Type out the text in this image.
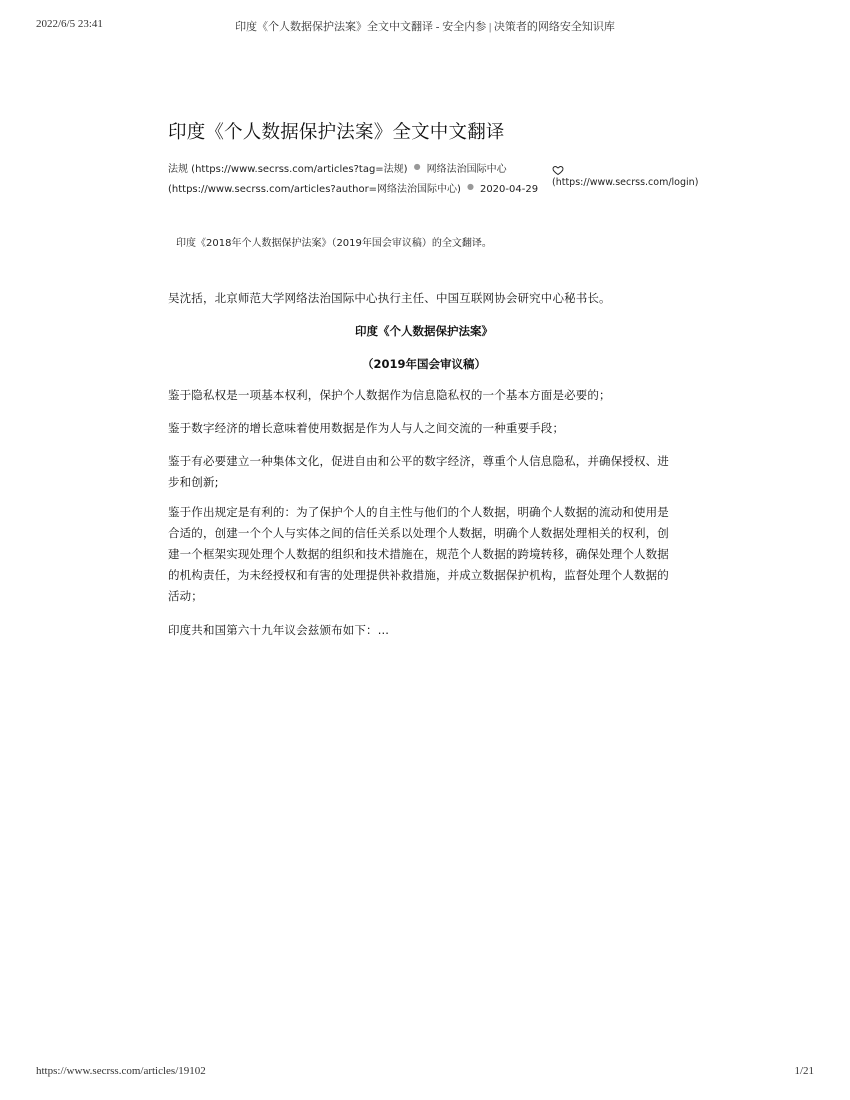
2022/6/5 23:41	印度《个人数据保护法案》全文中文翻译 - 安全内参 | 决策者的网络安全知识库
印度《个人数据保护法案》全文中文翻译
法规 (https://www.secrss.com/articles?tag=法规) ● 网络法治国际中心
(https://www.secrss.com/articles?author=网络法治国际中心) ● 2020-04-29
(https://www.secrss.com/login)
印度《2018年个人数据保护法案》（2019年国会审议稿）的全文翻译。

吴沈括，北京师范大学网络法治国际中心执行主任、中国互联网协会研究中心秘书长。

印度《个人数据保护法案》

（2019年国会审议稿）

鉴于隐私权是一项基本权利，保护个人数据作为信息隐私权的一个基本方面是必要的；

鉴于数字经济的增长意味着使用数据是作为人与人之间交流的一种重要手段；

鉴于有必要建立一种集体文化，促进自由和公平的数字经济，尊重个人信息隐私，并确保授权、进步和创新;

鉴于作出规定是有利的：为了保护个人的自主性与他们的个人数据，明确个人数据的流动和使用是合适的，创建一个个人与实体之间的信任关系以处理个人数据，明确个人数据处理相关的权利，创建一个框架实现处理个人数据的组织和技术措施在，规范个人数据的跨境转移，确保处理个人数据的机构责任，为未经授权和有害的处理提供补救措施，并成立数据保护机构，监督处理个人数据的活动；

印度共和国第六十九年议会兹颁布如下：...

https://www.secrss.com/articles/19102	1/21
